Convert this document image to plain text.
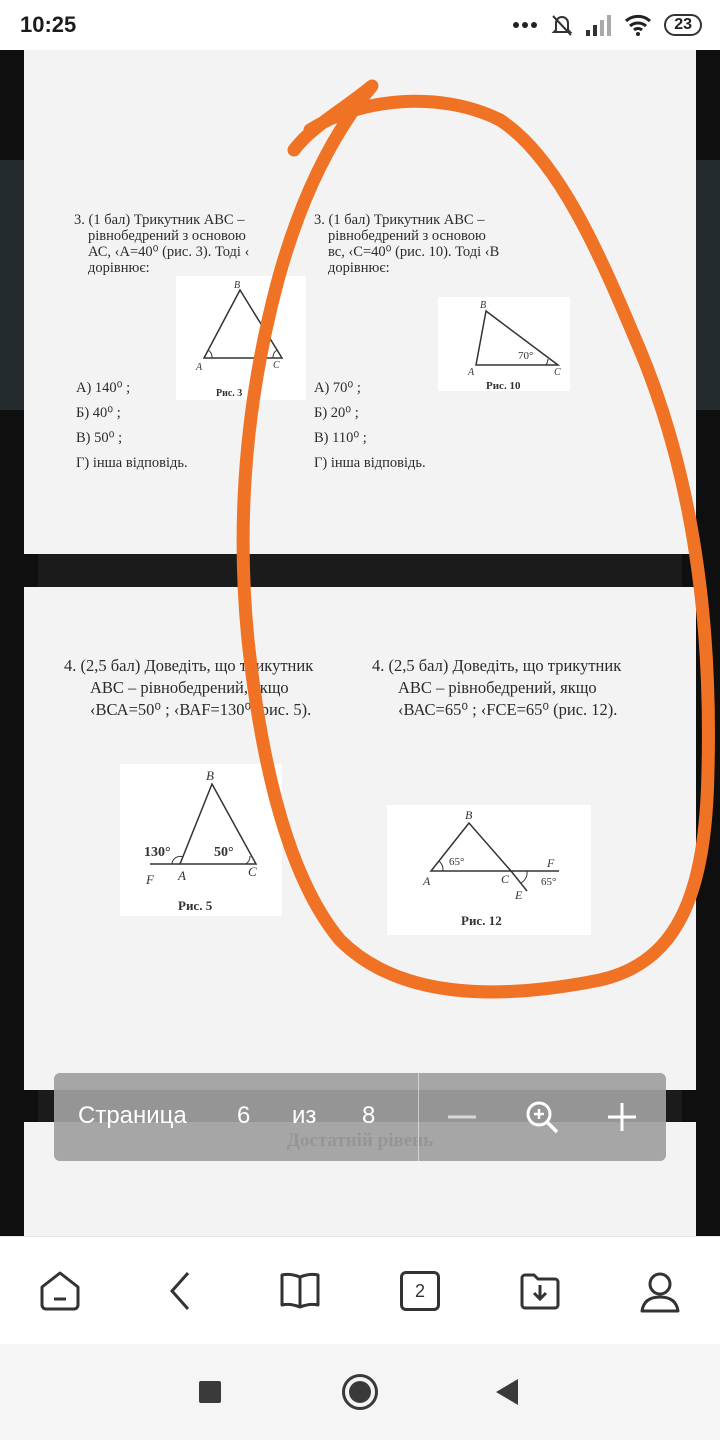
10:25	23
3. (1 бал) Трикутник АВС –
рівнобедрений з основою
АС, ‹А=40⁰ (рис. 3). Тоді ‹
дорівнює:
B
A	C
Рис. 3
А) 140⁰ ;
Б) 40⁰ ;
В) 50⁰ ;
Г) інша відповідь.
3. (1 бал) Трикутник АВС –
рівнобедрений з основою
вс, ‹С=40⁰ (рис. 10). Тоді ‹В
дорівнює:
B
70°
A	C
Рис. 10
А) 70⁰ ;
Б) 20⁰ ;
В) 110⁰ ;
Г) інша відповідь.
4. (2,5 бал) Доведіть, що трикутник
АВС – рівнобедрений, якщо
‹ВСА=50⁰ ; ‹ВАF=130⁰ (рис. 5).
B
130°	50°
F A	C
Рис. 5
4. (2,5 бал) Доведіть, що трикутник
АВС – рівнобедрений, якщо
‹ВАС=65⁰ ; ‹FCE=65⁰ (рис. 12).
B
65°
A	C
F
65°
E
Рис. 12
Страница 6 из 8
2
